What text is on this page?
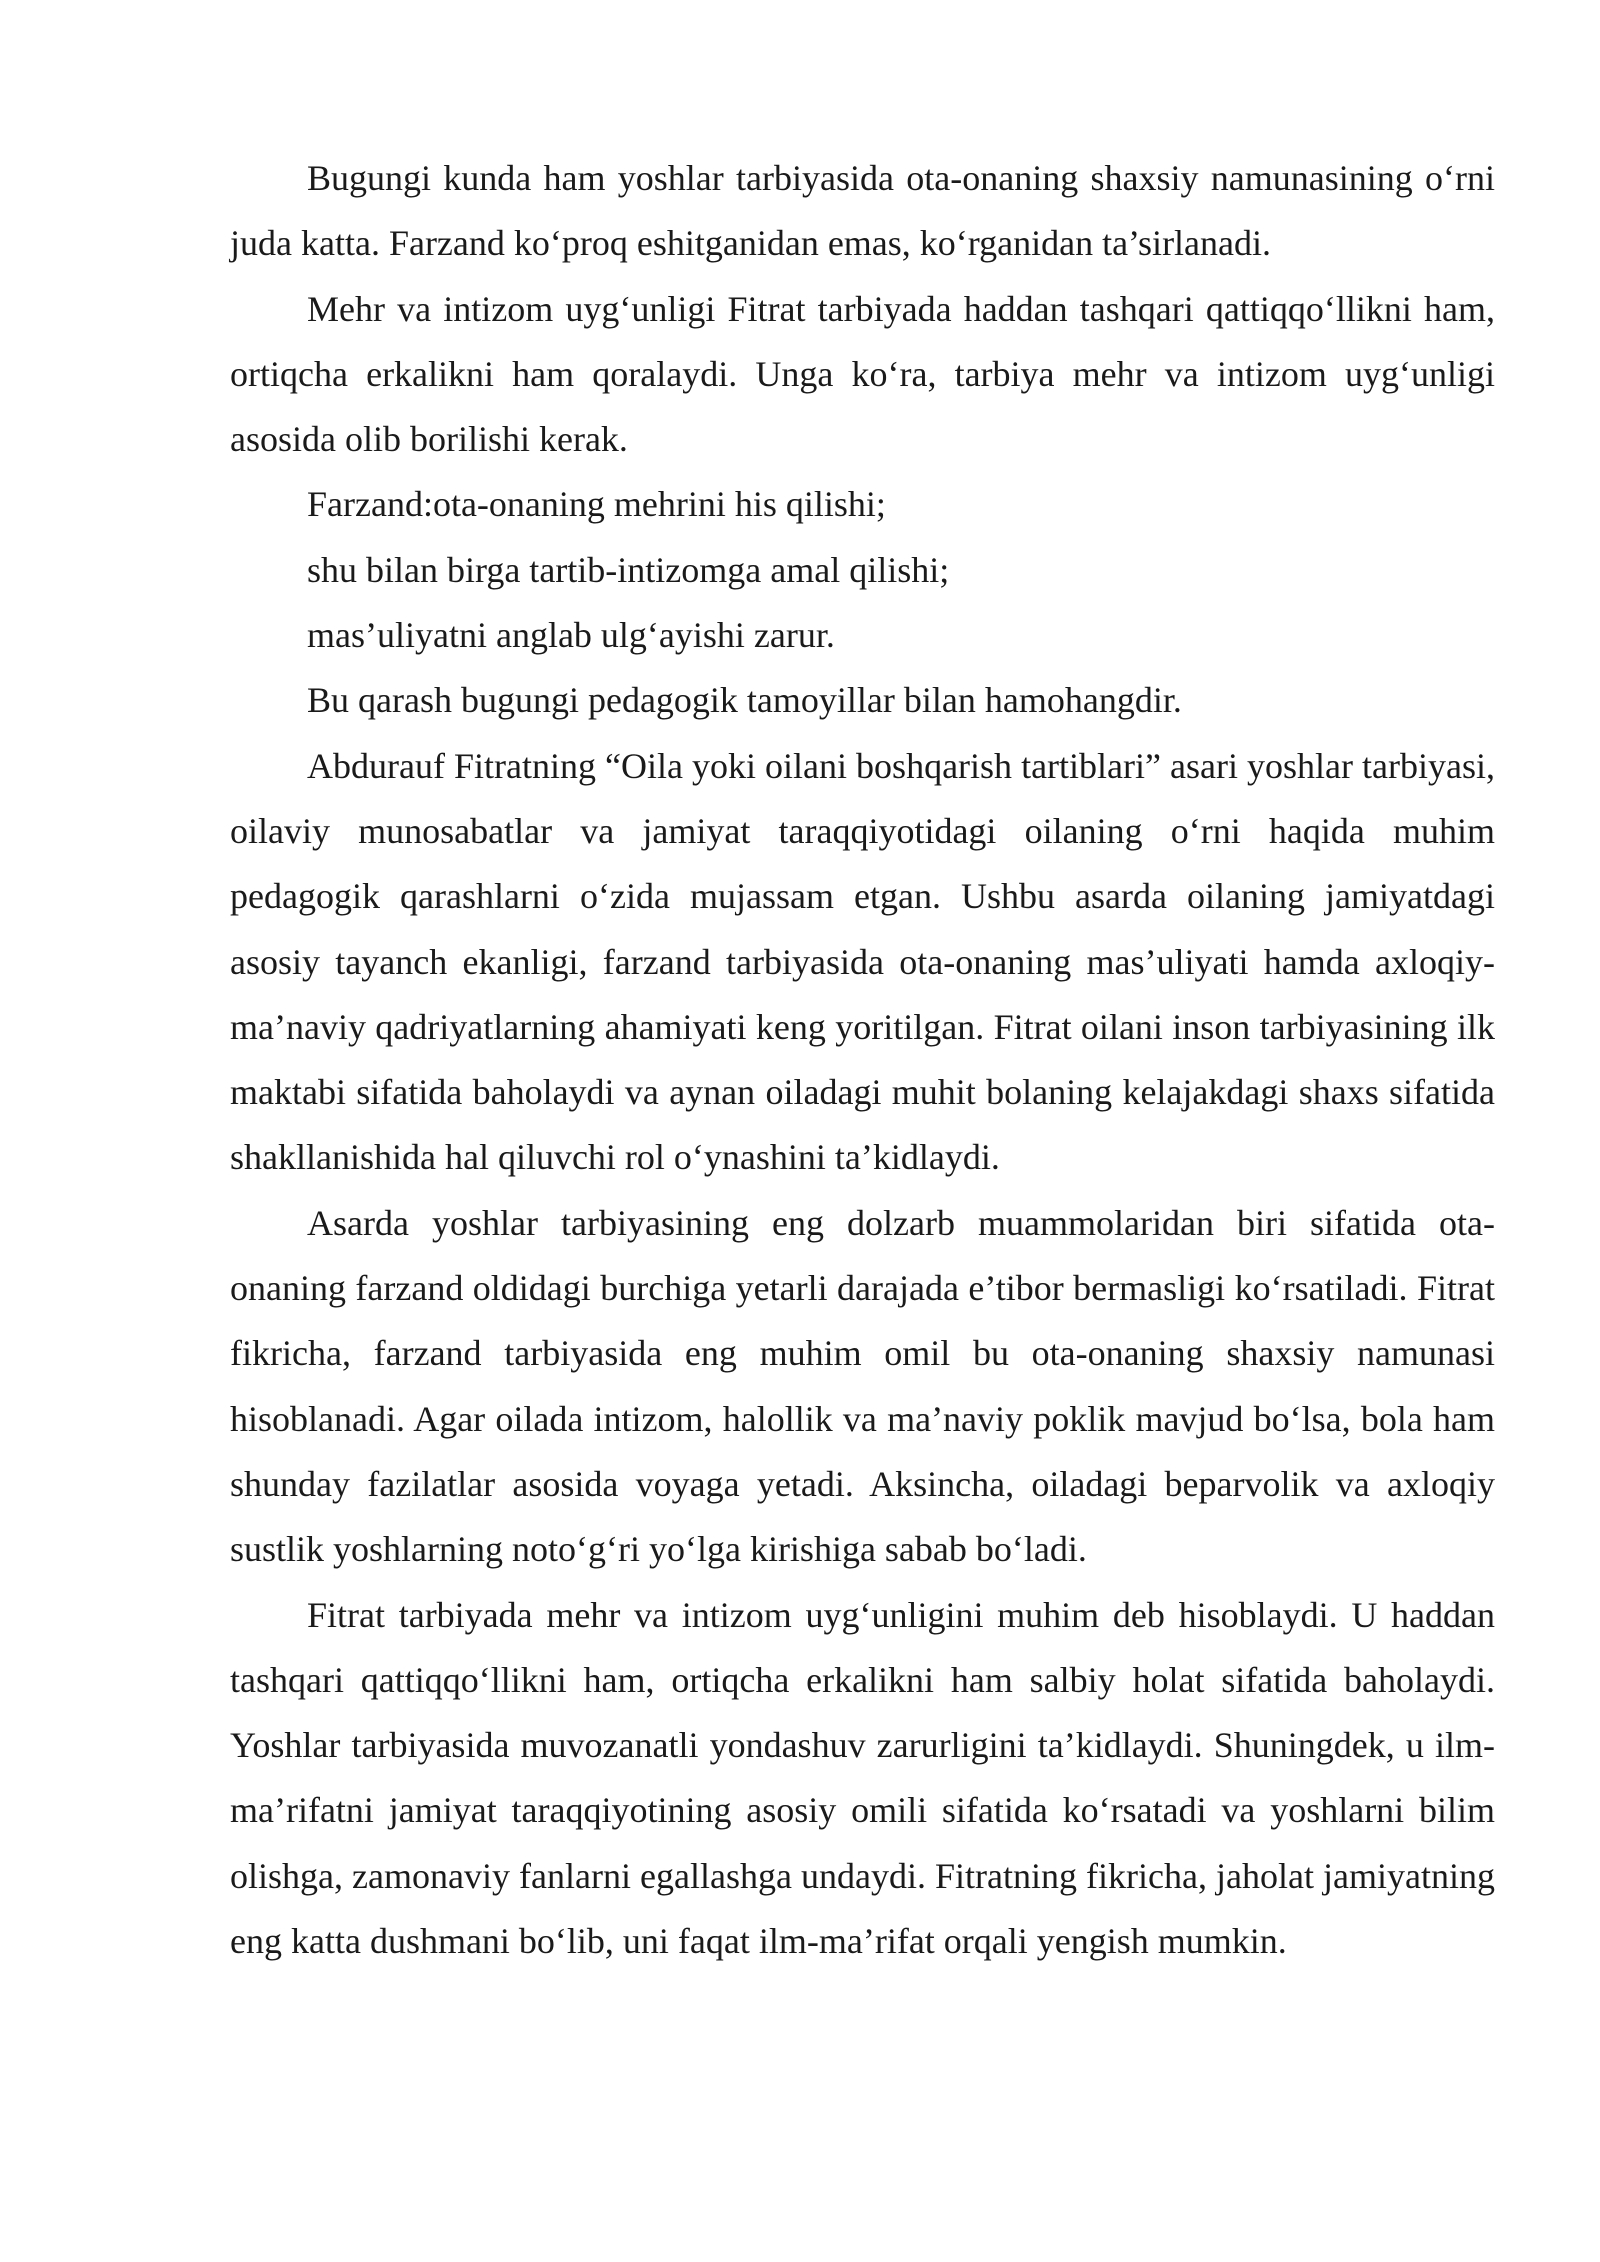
Bugungi kunda ham yoshlar tarbiyasida ota-onaning shaxsiy namunasining o‘rni juda katta. Farzand ko‘proq eshitganidan emas, ko‘rganidan ta’sirlanadi.

Mehr va intizom uyg‘unligi Fitrat tarbiyada haddan tashqari qattiqqo‘llikni ham, ortiqcha erkalikni ham qoralaydi. Unga ko‘ra, tarbiya mehr va intizom uyg‘unligi asosida olib borilishi kerak.

Farzand:ota-onaning mehrini his qilishi;

shu bilan birga tartib-intizomga amal qilishi;

mas’uliyatni anglab ulg‘ayishi zarur.

Bu qarash bugungi pedagogik tamoyillar bilan hamohangdir.

Abdurauf Fitratning “Oila yoki oilani boshqarish tartiblari” asari yoshlar tarbiyasi, oilaviy munosabatlar va jamiyat taraqqiyotidagi oilaning o‘rni haqida muhim pedagogik qarashlarni o‘zida mujassam etgan. Ushbu asarda oilaning jamiyatdagi asosiy tayanch ekanligi, farzand tarbiyasida ota-onaning mas’uliyati hamda axloqiy-ma’naviy qadriyatlarning ahamiyati keng yoritilgan. Fitrat oilani inson tarbiyasining ilk maktabi sifatida baholaydi va aynan oiladagi muhit bolaning kelajakdagi shaxs sifatida shakllanishida hal qiluvchi rol o‘ynashini ta’kidlaydi.

Asarda yoshlar tarbiyasining eng dolzarb muammolaridan biri sifatida ota-onaning farzand oldidagi burchiga yetarli darajada e’tibor bermasligi ko‘rsatiladi. Fitrat fikricha, farzand tarbiyasida eng muhim omil bu ota-onaning shaxsiy namunasi hisoblanadi. Agar oilada intizom, halollik va ma’naviy poklik mavjud bo‘lsa, bola ham shunday fazilatlar asosida voyaga yetadi. Aksincha, oiladagi beparvolik va axloqiy sustlik yoshlarning noto‘g‘ri yo‘lga kirishiga sabab bo‘ladi.

Fitrat tarbiyada mehr va intizom uyg‘unligini muhim deb hisoblaydi. U haddan tashqari qattiqqo‘llikni ham, ortiqcha erkalikni ham salbiy holat sifatida baholaydi. Yoshlar tarbiyasida muvozanatli yondashuv zarurligini ta’kidlaydi. Shuningdek, u ilm-ma’rifatni jamiyat taraqqiyotining asosiy omili sifatida ko‘rsatadi va yoshlarni bilim olishga, zamonaviy fanlarni egallashga undaydi. Fitratning fikricha, jaholat jamiyatning eng katta dushmani bo‘lib, uni faqat ilm-ma’rifat orqali yengish mumkin.
